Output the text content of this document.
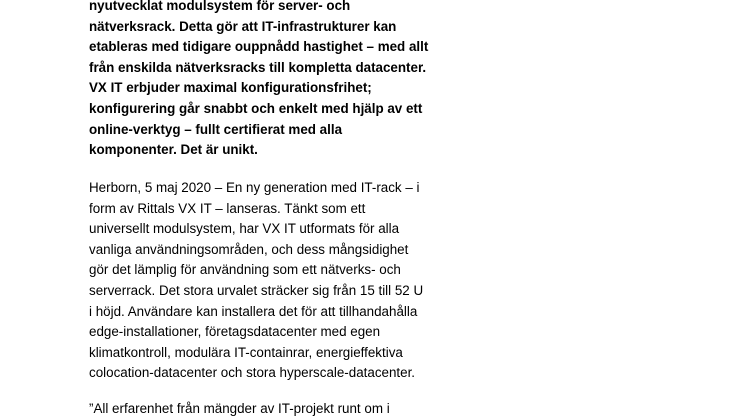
nyutvecklat modulsystem för server- och
nätverksrack. Detta gör att IT-infrastrukturer kan
etableras med tidigare ouppnådd hastighet – med allt
från enskilda nätverksracks till kompletta datacenter.
VX IT erbjuder maximal konfigurationsfrihet;
konfigurering går snabbt och enkelt med hjälp av ett
online-verktyg – fullt certifierat med alla
komponenter. Det är unikt.

Herborn, 5 maj 2020 – En ny generation med IT-rack – i
form av Rittals VX IT – lanseras. Tänkt som ett
universellt modulsystem, har VX IT utformats för alla
vanliga användningsområden, och dess mångsidighet
gör det lämplig för användning som ett nätverks- och
serverrack. Det stora urvalet sträcker sig från 15 till 52 U
i höjd. Användare kan installera det för att tillhandahålla
edge-installationer, företagsdatacenter med egen
klimatkontroll, modulära IT-containrar, energieffektiva
colocation-datacenter och stora hyperscale-datacenter.

”All erfarenhet från mängder av IT-projekt runt om i
